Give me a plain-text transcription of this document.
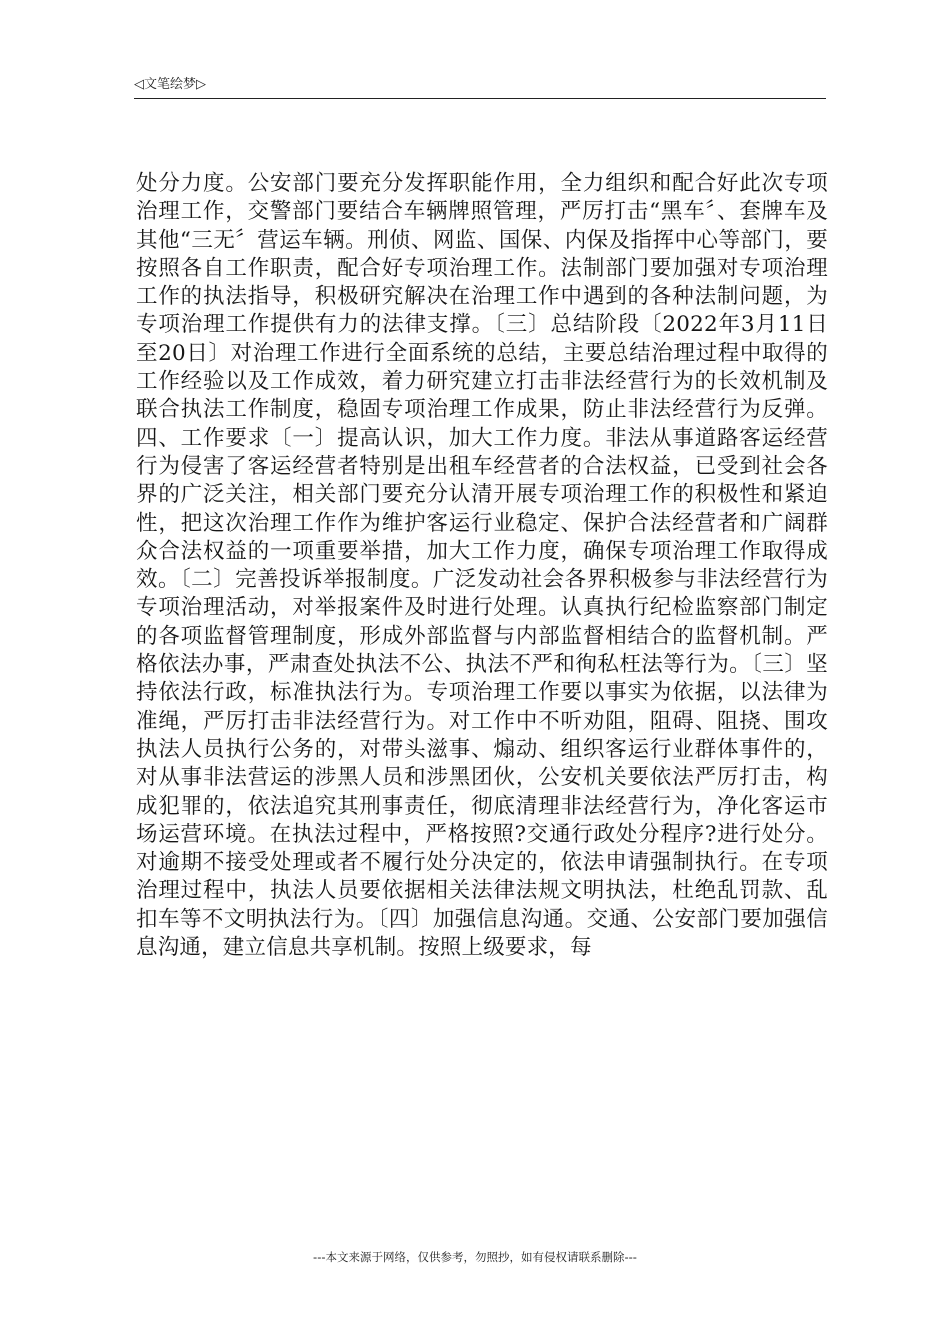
◁文笔绘梦▷

处分力度。公安部门要充分发挥职能作用，全力组织和配合好此次专项治理工作，交警部门要结合车辆牌照管理，严厉打击“黑车〞、套牌车及其他“三无〞营运车辆。刑侦、网监、国保、内保及指挥中心等部门，要按照各自工作职责，配合好专项治理工作。法制部门要加强对专项治理工作的执法指导，积极研究解决在治理工作中遇到的各种法制问题，为专项治理工作提供有力的法律支撑。〔三〕总结阶段〔2022年3月11日至20日〕对治理工作进行全面系统的总结，主要总结治理过程中取得的工作经验以及工作成效，着力研究建立打击非法经营行为的长效机制及联合执法工作制度，稳固专项治理工作成果，防止非法经营行为反弹。四、工作要求〔一〕提高认识，加大工作力度。非法从事道路客运经营行为侵害了客运经营者特别是出租车经营者的合法权益，已受到社会各界的广泛关注，相关部门要充分认清开展专项治理工作的积极性和紧迫性，把这次治理工作作为维护客运行业稳定、保护合法经营者和广阔群众合法权益的一项重要举措，加大工作力度，确保专项治理工作取得成效。〔二〕完善投诉举报制度。广泛发动社会各界积极参与非法经营行为专项治理活动，对举报案件及时进行处理。认真执行纪检监察部门制定的各项监督管理制度，形成外部监督与内部监督相结合的监督机制。严格依法办事，严肃查处执法不公、执法不严和徇私枉法等行为。〔三〕坚持依法行政，标准执法行为。专项治理工作要以事实为依据，以法律为准绳，严厉打击非法经营行为。对工作中不听劝阻，阻碍、阻挠、围攻执法人员执行公务的，对带头滋事、煽动、组织客运行业群体事件的，对从事非法营运的涉黑人员和涉黑团伙，公安机关要依法严厉打击，构成犯罪的，依法追究其刑事责任，彻底清理非法经营行为，净化客运市场运营环境。在执法过程中，严格按照?交通行政处分程序?进行处分。对逾期不接受处理或者不履行处分决定的，依法申请强制执行。在专项治理过程中，执法人员要依据相关法律法规文明执法，杜绝乱罚款、乱扣车等不文明执法行为。〔四〕加强信息沟通。交通、公安部门要加强信息沟通，建立信息共享机制。按照上级要求，每

---本文来源于网络，仅供参考，勿照抄，如有侵权请联系删除---
